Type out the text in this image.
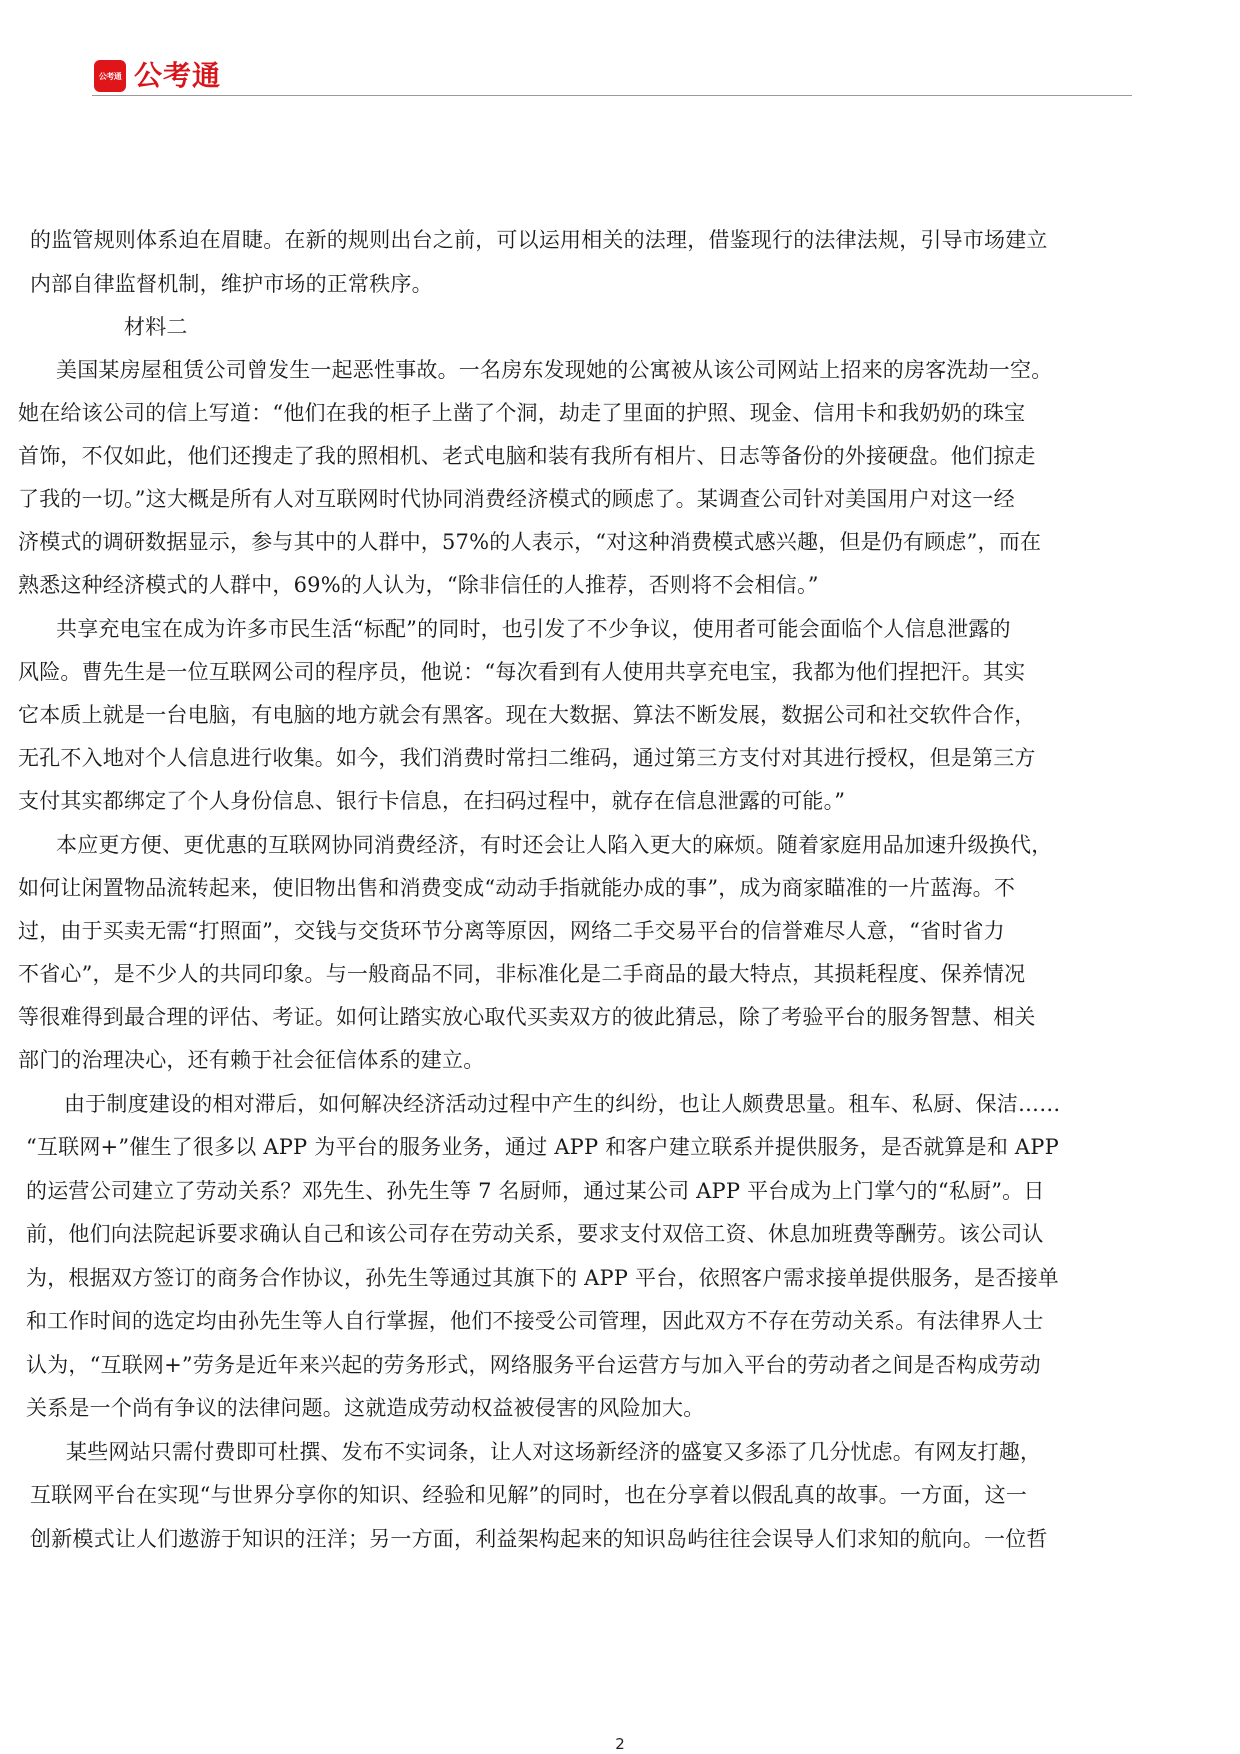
公考通 公考通
的监管规则体系迫在眉睫。在新的规则出台之前，可以运用相关的法理，借鉴现行的法律法规，引导市场建立
内部自律监督机制，维护市场的正常秩序。
材料二
美国某房屋租赁公司曾发生一起恶性事故。一名房东发现她的公寓被从该公司网站上招来的房客洗劫一空。
她在给该公司的信上写道：“他们在我的柜子上凿了个洞，劫走了里面的护照、现金、信用卡和我奶奶的珠宝
首饰，不仅如此，他们还搜走了我的照相机、老式电脑和装有我所有相片、日志等备份的外接硬盘。他们掠走
了我的一切。”这大概是所有人对互联网时代协同消费经济模式的顾虑了。某调查公司针对美国用户对这一经
济模式的调研数据显示，参与其中的人群中，57%的人表示，“对这种消费模式感兴趣，但是仍有顾虑”，而在
熟悉这种经济模式的人群中，69%的人认为，“除非信任的人推荐，否则将不会相信。”
共享充电宝在成为许多市民生活“标配”的同时，也引发了不少争议，使用者可能会面临个人信息泄露的
风险。曹先生是一位互联网公司的程序员，他说：“每次看到有人使用共享充电宝，我都为他们捏把汗。其实
它本质上就是一台电脑，有电脑的地方就会有黑客。现在大数据、算法不断发展，数据公司和社交软件合作，
无孔不入地对个人信息进行收集。如今，我们消费时常扫二维码，通过第三方支付对其进行授权，但是第三方
支付其实都绑定了个人身份信息、银行卡信息，在扫码过程中，就存在信息泄露的可能。”
本应更方便、更优惠的互联网协同消费经济，有时还会让人陷入更大的麻烦。随着家庭用品加速升级换代，
如何让闲置物品流转起来，使旧物出售和消费变成“动动手指就能办成的事”，成为商家瞄准的一片蓝海。不
过，由于买卖无需“打照面”，交钱与交货环节分离等原因，网络二手交易平台的信誉难尽人意，“省时省力
不省心”，是不少人的共同印象。与一般商品不同，非标准化是二手商品的最大特点，其损耗程度、保养情况
等很难得到最合理的评估、考证。如何让踏实放心取代买卖双方的彼此猜忌，除了考验平台的服务智慧、相关
部门的治理决心，还有赖于社会征信体系的建立。
由于制度建设的相对滞后，如何解决经济活动过程中产生的纠纷，也让人颇费思量。租车、私厨、保洁……
“互联网+”催生了很多以 APP 为平台的服务业务，通过 APP 和客户建立联系并提供服务，是否就算是和 APP
的运营公司建立了劳动关系？邓先生、孙先生等 7 名厨师，通过某公司 APP 平台成为上门掌勺的“私厨”。日
前，他们向法院起诉要求确认自己和该公司存在劳动关系，要求支付双倍工资、休息加班费等酬劳。该公司认
为，根据双方签订的商务合作协议，孙先生等通过其旗下的 APP 平台，依照客户需求接单提供服务，是否接单
和工作时间的选定均由孙先生等人自行掌握，他们不接受公司管理，因此双方不存在劳动关系。有法律界人士
认为，“互联网+”劳务是近年来兴起的劳务形式，网络服务平台运营方与加入平台的劳动者之间是否构成劳动
关系是一个尚有争议的法律问题。这就造成劳动权益被侵害的风险加大。
某些网站只需付费即可杜撰、发布不实词条，让人对这场新经济的盛宴又多添了几分忧虑。有网友打趣，
互联网平台在实现“与世界分享你的知识、经验和见解”的同时，也在分享着以假乱真的故事。一方面，这一
创新模式让人们遨游于知识的汪洋；另一方面，利益架构起来的知识岛屿往往会误导人们求知的航向。一位哲
2
